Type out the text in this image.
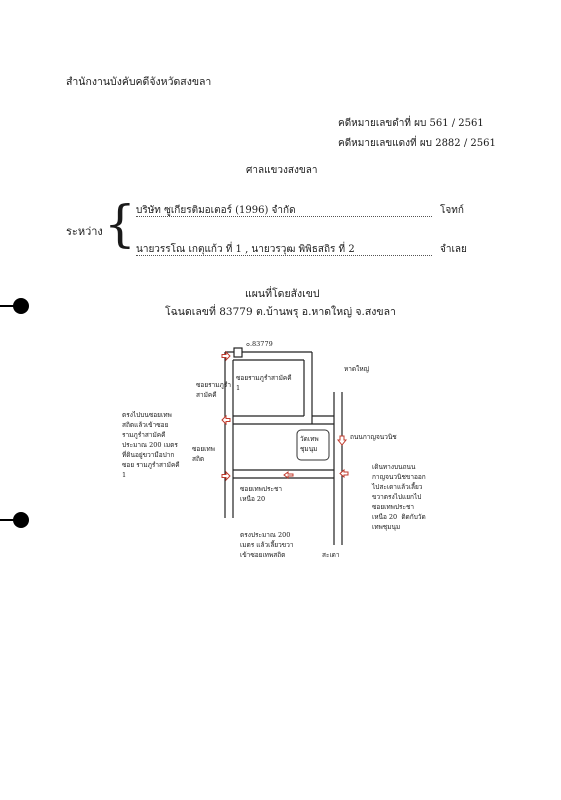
สำนักงานบังคับคดีจังหวัดสงขลา
คดีหมายเลขดำที่ ผบ 561 / 2561
คดีหมายเลขแดงที่ ผบ 2882 / 2561
ศาลแขวงสงขลา
ระหว่าง { บริษัท ซูเกียรติมอเตอร์ (1996) จำกัด	โจทก์
นายวรรโณ เกตุแก้ว ที่ 1 , นายวรวุฒ พิพิธสถิร ที่ 2	จำเลย
แผนที่โดยสังเขป
โฉนดเลขที่ 83779 ต.บ้านพรุ อ.หาดใหญ่ จ.สงขลา
๐.83779
หาดใหญ่
ซอยรามภูรำ
สามัคคี
ซอยรามภูรำสามัคคี
1
ซอยเทพ
สถิต
วัดเทพ
ชุมนุม
ถนนกาญจนวนิช
ซอยเทพประชา
เหนือ 20
สะเดา
ตรงไปบนซอยเทพ
สถิตแล้วเข้าซอย
รามภูรำสามัคคี
ประมาณ 200 เมตร
ที่ดินอยู่ขวามือปาก
ซอย รามภูรำสามัคคี
1
เดินทางบนถนน
กาญจนวนิชขาออก
ไปสะเดาแล้วเลี้ยว
ขวาตรงไปแยกไป
ซอยเทพประชา
เหนือ 20  ติดกับวัด
เทพชุมนุม
ตรงประมาณ 200
เมตร แล้วเลี้ยวขวา
เข้าซอยเทพสถิต
